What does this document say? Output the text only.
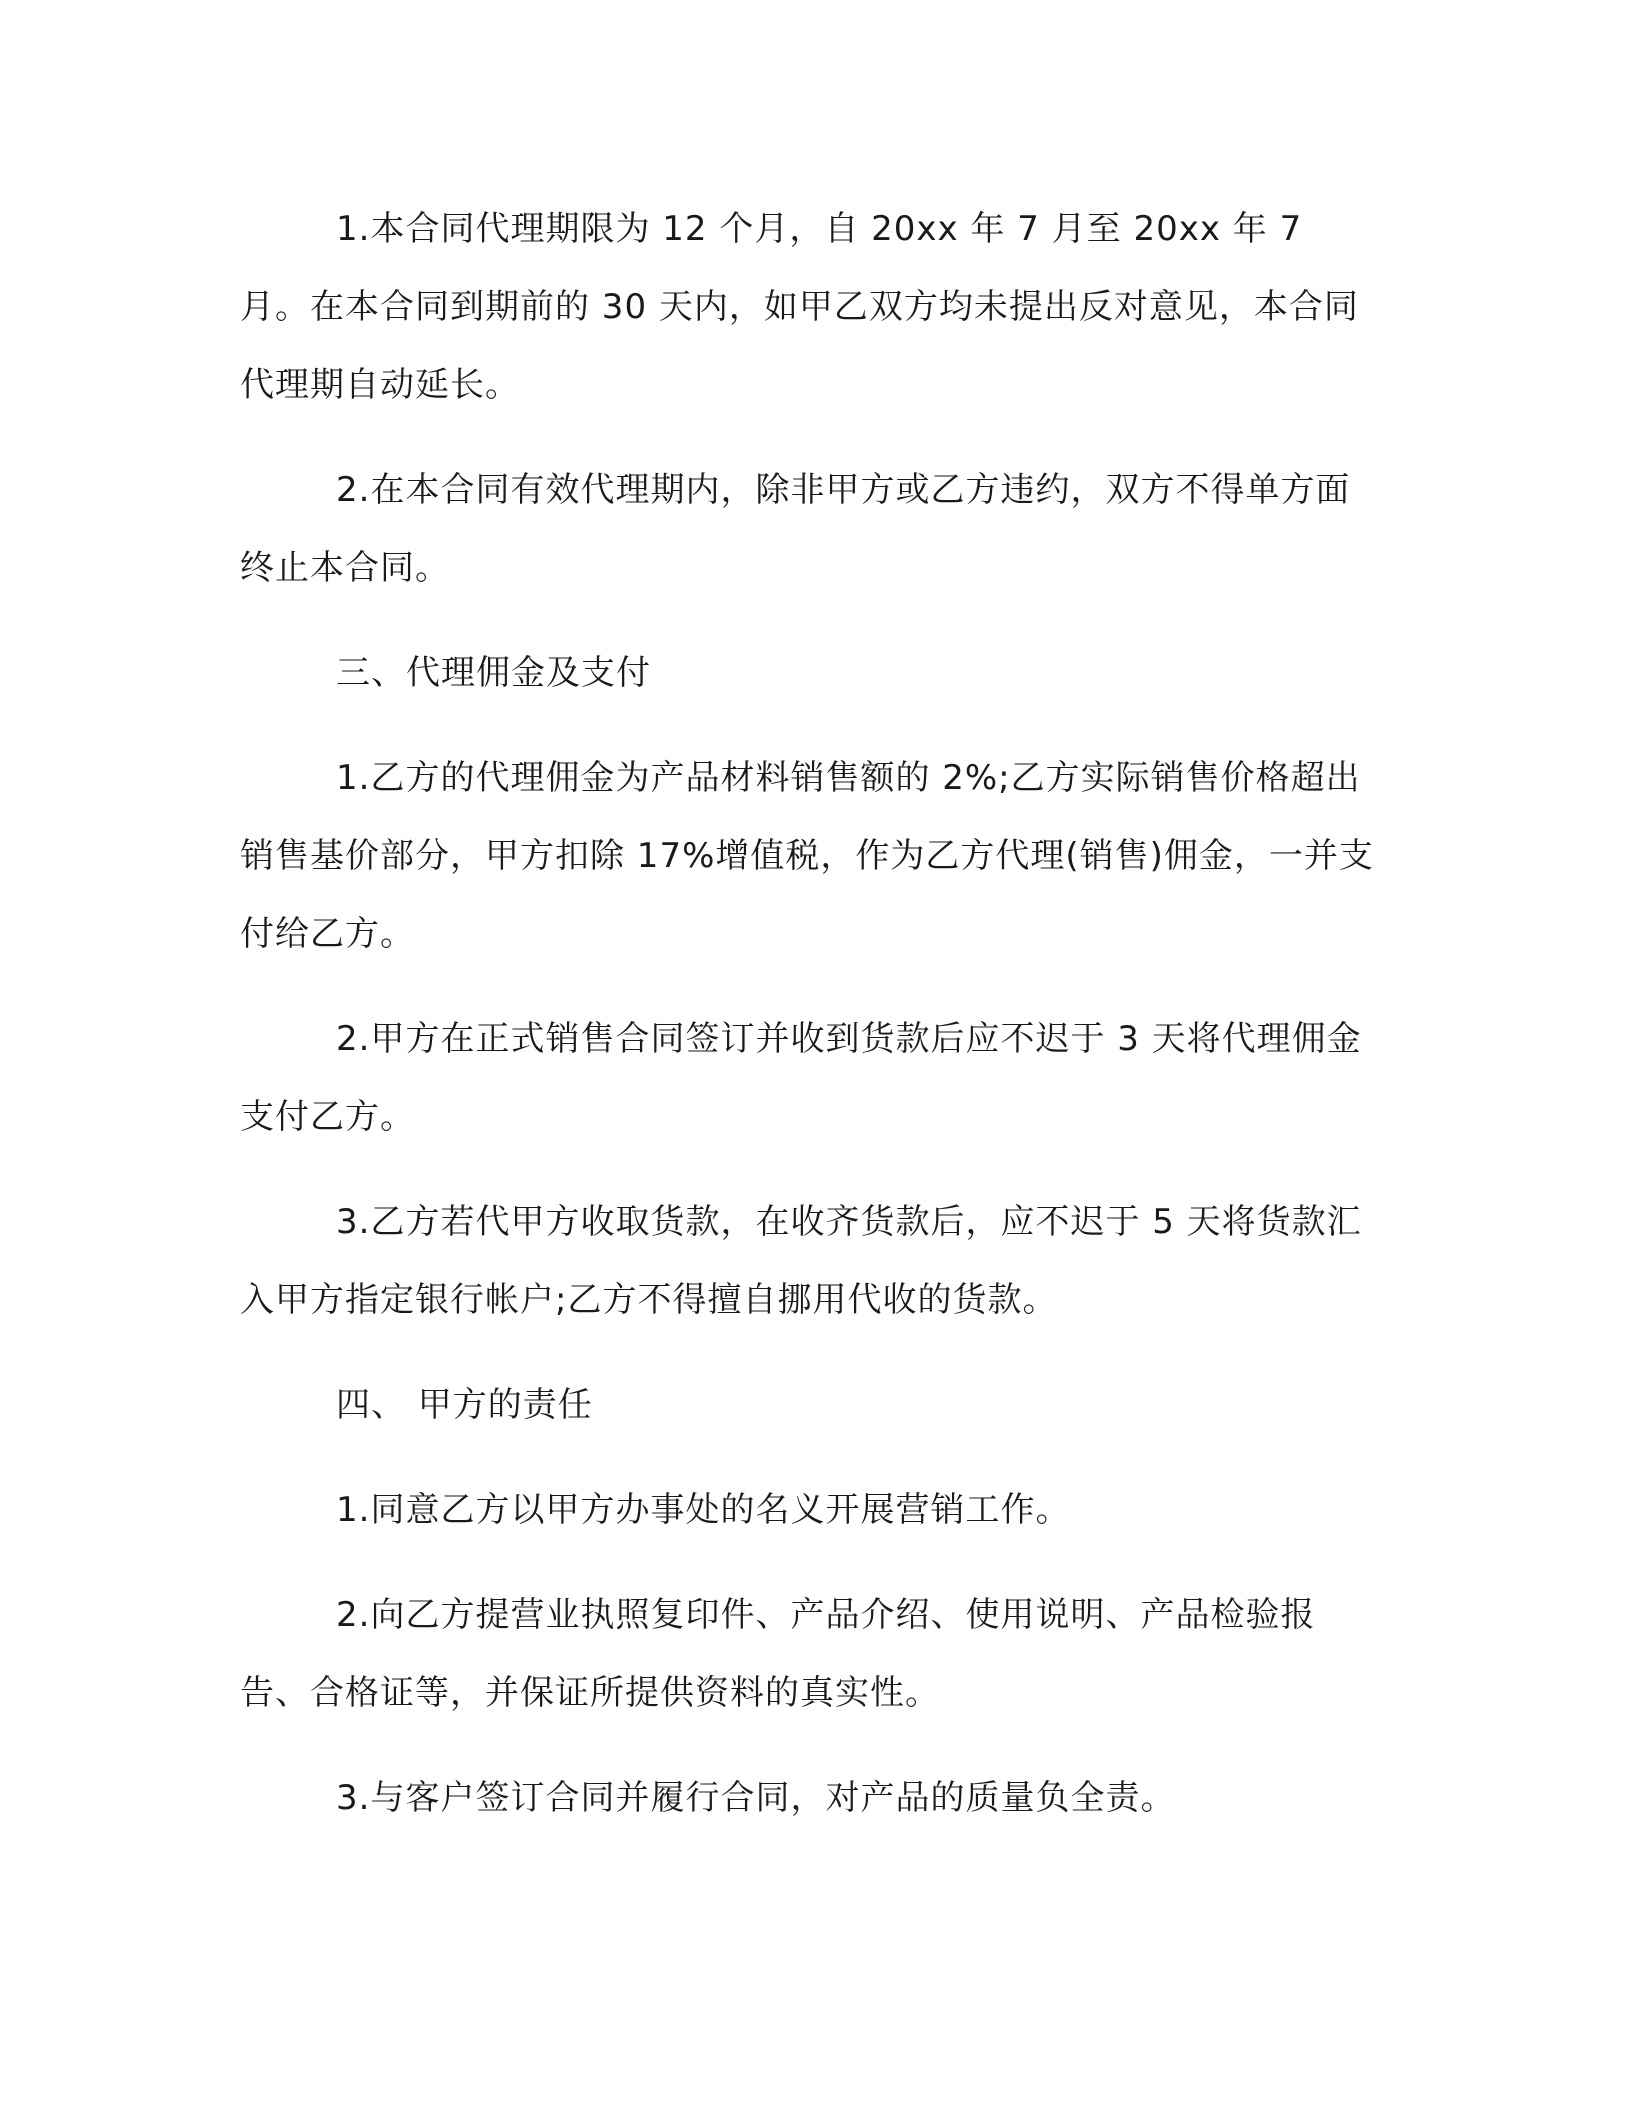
1.本合同代理期限为 12 个月，自 20xx 年 7 月至 20xx 年 7 月。在本合同到期前的 30 天内，如甲乙双方均未提出反对意见，本合同代理期自动延长。

2.在本合同有效代理期内，除非甲方或乙方违约，双方不得单方面终止本合同。

三、代理佣金及支付

1.乙方的代理佣金为产品材料销售额的 2%;乙方实际销售价格超出销售基价部分，甲方扣除 17%增值税，作为乙方代理(销售)佣金，一并支付给乙方。

2.甲方在正式销售合同签订并收到货款后应不迟于 3 天将代理佣金支付乙方。

3.乙方若代甲方收取货款，在收齐货款后，应不迟于 5 天将货款汇入甲方指定银行帐户;乙方不得擅自挪用代收的货款。

四、 甲方的责任

1.同意乙方以甲方办事处的名义开展营销工作。

2.向乙方提营业执照复印件、产品介绍、使用说明、产品检验报告、合格证等，并保证所提供资料的真实性。

3.与客户签订合同并履行合同，对产品的质量负全责。
